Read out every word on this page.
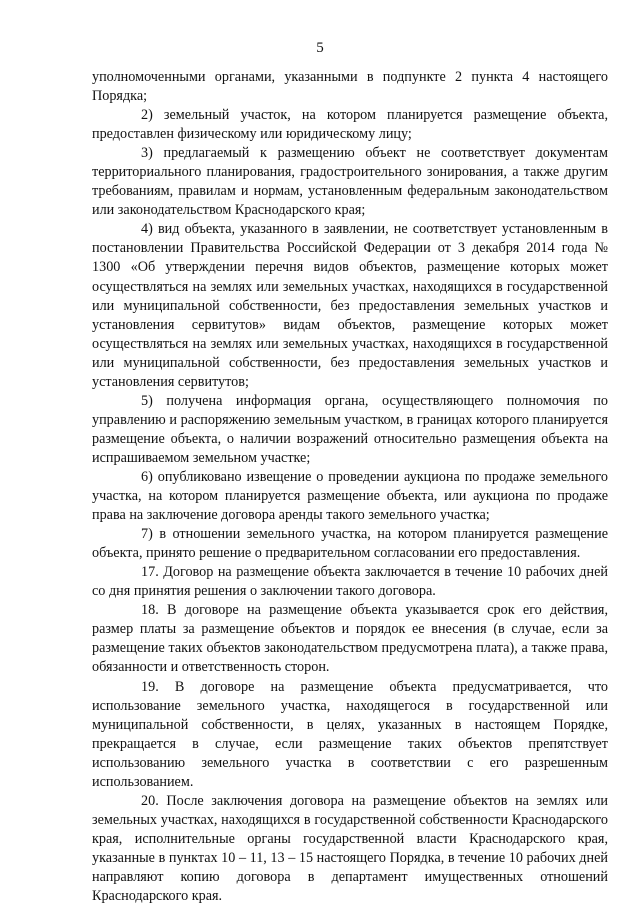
5

уполномоченными органами, указанными в подпункте 2 пункта 4 настоящего Порядка;

2) земельный участок, на котором планируется размещение объекта, предоставлен физическому или юридическому лицу;

3) предлагаемый к размещению объект не соответствует документам территориального планирования, градостроительного зонирования, а также другим требованиям, правилам и нормам, установленным федеральным законодательством или законодательством Краснодарского края;

4) вид объекта, указанного в заявлении, не соответствует установленным в постановлении Правительства Российской Федерации от 3 декабря 2014 года № 1300 «Об утверждении перечня видов объектов, размещение которых может осуществляться на землях или земельных участках, находящихся в государственной или муниципальной собственности, без предоставления земельных участков и установления сервитутов» видам объектов, размещение которых может осуществляться на землях или земельных участках, находящихся в государственной или муниципальной собственности, без предоставления земельных участков и установления сервитутов;

5) получена информация органа, осуществляющего полномочия по управлению и распоряжению земельным участком, в границах которого планируется размещение объекта, о наличии возражений относительно размещения объекта на испрашиваемом земельном участке;

6) опубликовано извещение о проведении аукциона по продаже земельного участка, на котором планируется размещение объекта, или аукциона по продаже права на заключение договора аренды такого земельного участка;

7) в отношении земельного участка, на котором планируется размещение объекта, принято решение о предварительном согласовании его предоставления.

17. Договор на размещение объекта заключается в течение 10 рабочих дней со дня принятия решения о заключении такого договора.

18. В договоре на размещение объекта указывается срок его действия, размер платы за размещение объектов и порядок ее внесения (в случае, если за размещение таких объектов законодательством предусмотрена плата), а также права, обязанности и ответственность сторон.

19. В договоре на размещение объекта предусматривается, что использование земельного участка, находящегося в государственной или муниципальной собственности, в целях, указанных в настоящем Порядке, прекращается в случае, если размещение таких объектов препятствует использованию земельного участка в соответствии с его разрешенным использованием.

20. После заключения договора на размещение объектов на землях или земельных участках, находящихся в государственной собственности Краснодарского края, исполнительные органы государственной власти Краснодарского края, указанные в пунктах 10 – 11, 13 – 15 настоящего Порядка, в течение 10 рабочих дней направляют копию договора в департамент имущественных отношений Краснодарского края.
